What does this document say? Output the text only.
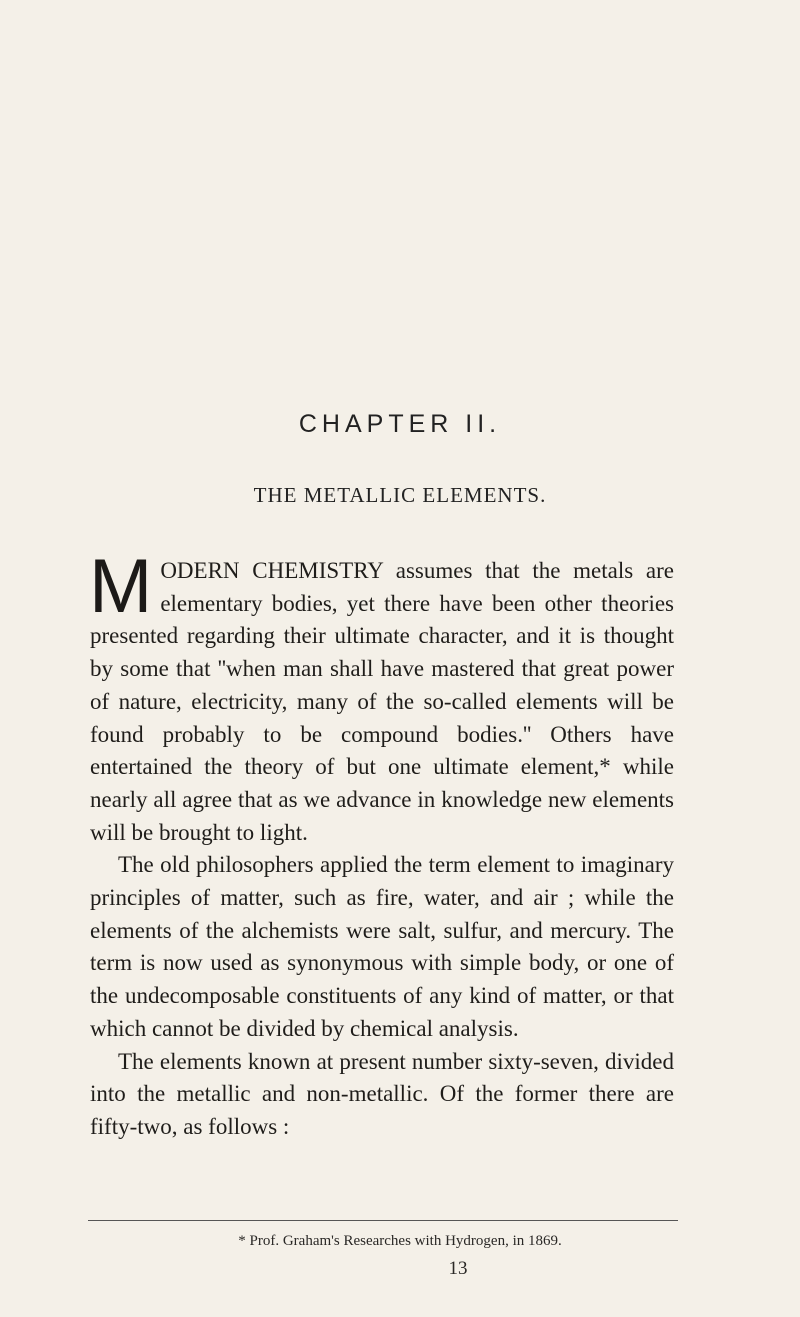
CHAPTER II.
THE METALLIC ELEMENTS.

MODERN CHEMISTRY assumes that the metals are elementary bodies, yet there have been other theories presented regarding their ultimate character, and it is thought by some that ''when man shall have mastered that great power of nature, electricity, many of the so-called elements will be found probably to be compound bodies.'' Others have entertained the theory of but one ultimate element,* while nearly all agree that as we advance in knowledge new elements will be brought to light.

The old philosophers applied the term element to imaginary principles of matter, such as fire, water, and air ; while the elements of the alchemists were salt, sulfur, and mercury. The term is now used as synonymous with simple body, or one of the undecomposable constituents of any kind of matter, or that which cannot be divided by chemical analysis.

The elements known at present number sixty-seven, divided into the metallic and non-metallic. Of the former there are fifty-two, as follows :

* Prof. Graham's Researches with Hydrogen, in 1869.
13
